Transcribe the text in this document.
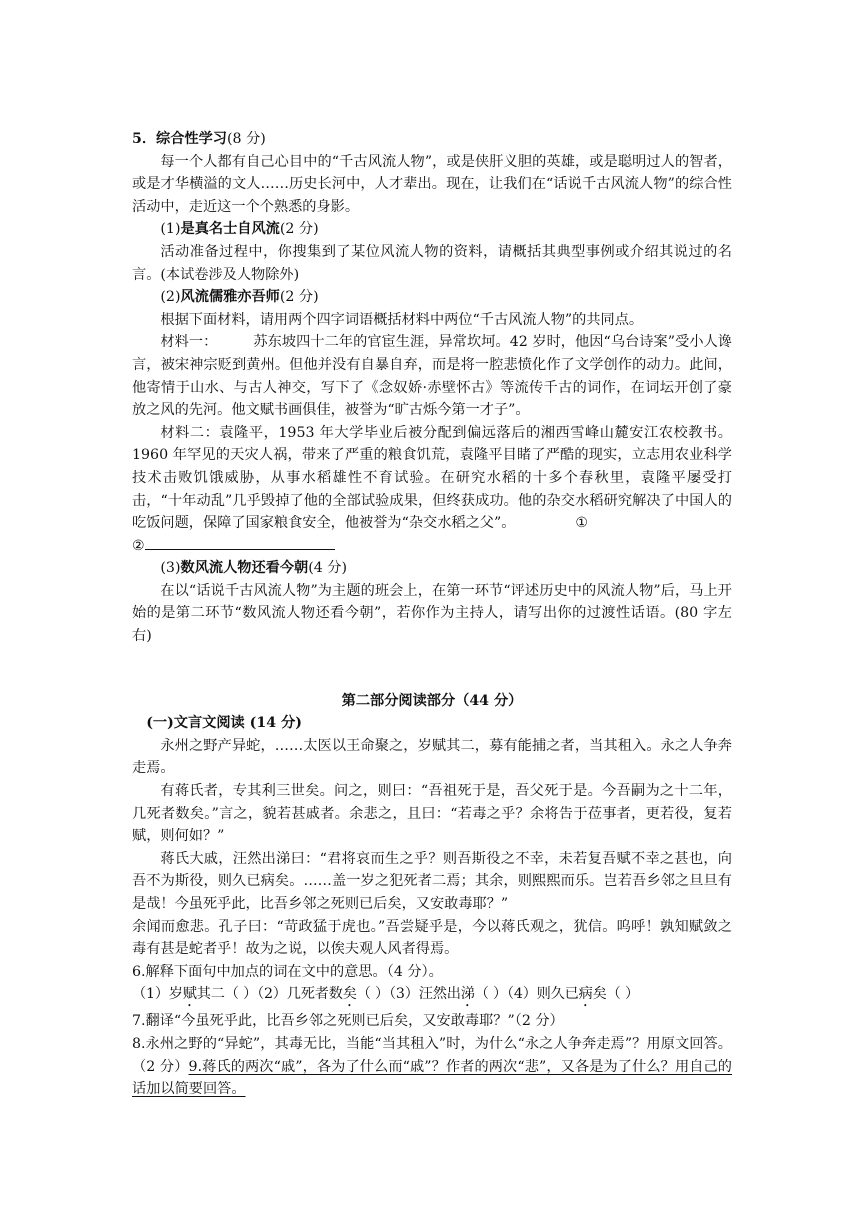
5．综合性学习(8 分)

每一个人都有自己心目中的“千古风流人物”，或是侠肝义胆的英雄，或是聪明过人的智者，或是才华横溢的文人……历史长河中，人才辈出。现在，让我们在“话说千古风流人物”的综合性活动中，走近这一个个熟悉的身影。

(1)是真名士自风流(2 分)

活动准备过程中，你搜集到了某位风流人物的资料，请概括其典型事例或介绍其说过的名言。(本试卷涉及人物除外)

(2)风流儒雅亦吾师(2 分)

根据下面材料，请用两个四字词语概括材料中两位“千古风流人物”的共同点。

材料一：	苏东坡四十二年的官宦生涯，异常坎坷。42 岁时，他因“乌台诗案”受小人谗言，被宋神宗贬到黄州。但他并没有自暴自弃，而是将一腔悲愤化作了文学创作的动力。此间，他寄情于山水、与古人神交，写下了《念奴娇·赤壁怀古》等流传千古的词作，在词坛开创了豪放之风的先河。他文赋书画俱佳，被誉为“旷古烁今第一才子”。

材料二：袁隆平，1953 年大学毕业后被分配到偏远落后的湘西雪峰山麓安江农校教书。1960 年罕见的天灾人祸，带来了严重的粮食饥荒，袁隆平目睹了严酷的现实，立志用农业科学技术击败饥饿威胁，从事水稻雄性不育试验。在研究水稻的十多个春秋里，袁隆平屡受打击，“十年动乱”几乎毁掉了他的全部试验成果，但终获成功。他的杂交水稻研究解决了中国人的吃饭问题，保障了国家粮食安全，他被誉为“杂交水稻之父”。	①

②

(3)数风流人物还看今朝(4 分)

在以“话说千古风流人物”为主题的班会上，在第一环节“评述历史中的风流人物”后，马上开始的是第二环节“数风流人物还看今朝”，若你作为主持人，请写出你的过渡性话语。(80 字左右)

第二部分阅读部分（44 分）

(一)文言文阅读 (14 分)

永州之野产异蛇，……太医以王命聚之，岁赋其二，募有能捕之者，当其租入。永之人争奔走焉。

有蒋氏者，专其利三世矣。问之，则曰：“吾祖死于是，吾父死于是。今吾嗣为之十二年，几死者数矣。”言之，貌若甚戚者。余悲之，且曰：“若毒之乎？余将告于莅事者，更若役，复若赋，则何如？”

蒋氏大戚，汪然出涕曰：“君将哀而生之乎？则吾斯役之不幸，未若复吾赋不幸之甚也，向吾不为斯役，则久已病矣。……盖一岁之犯死者二焉；其余，则熙熙而乐。岂若吾乡邻之旦旦有是哉！今虽死乎此，比吾乡邻之死则已后矣，又安敢毒耶？”

余闻而愈悲。孔子曰：“苛政猛于虎也。”吾尝疑乎是，今以蒋氏观之，犹信。呜呼！孰知赋敛之毒有甚是蛇者乎！故为之说，以俟夫观人风者得焉。

6.解释下面句中加点的词在文中的意思。（4 分）。

（1）岁赋其二（ ）（2）几死者数矣（ ）（3）汪然出涕（ ）（4）则久已病矣（ ）

7.翻译“今虽死乎此，比吾乡邻之死则已后矣，又安敢毒耶？”（2 分）

8.永州之野的“异蛇”，其毒无比，当能“当其租入”时，为什么“永之人争奔走焉”？用原文回答。（2 分）9.蒋氏的两次“戚”，各为了什么而“戚”？作者的两次“悲”，又各是为了什么？用自己的话加以简要回答。
